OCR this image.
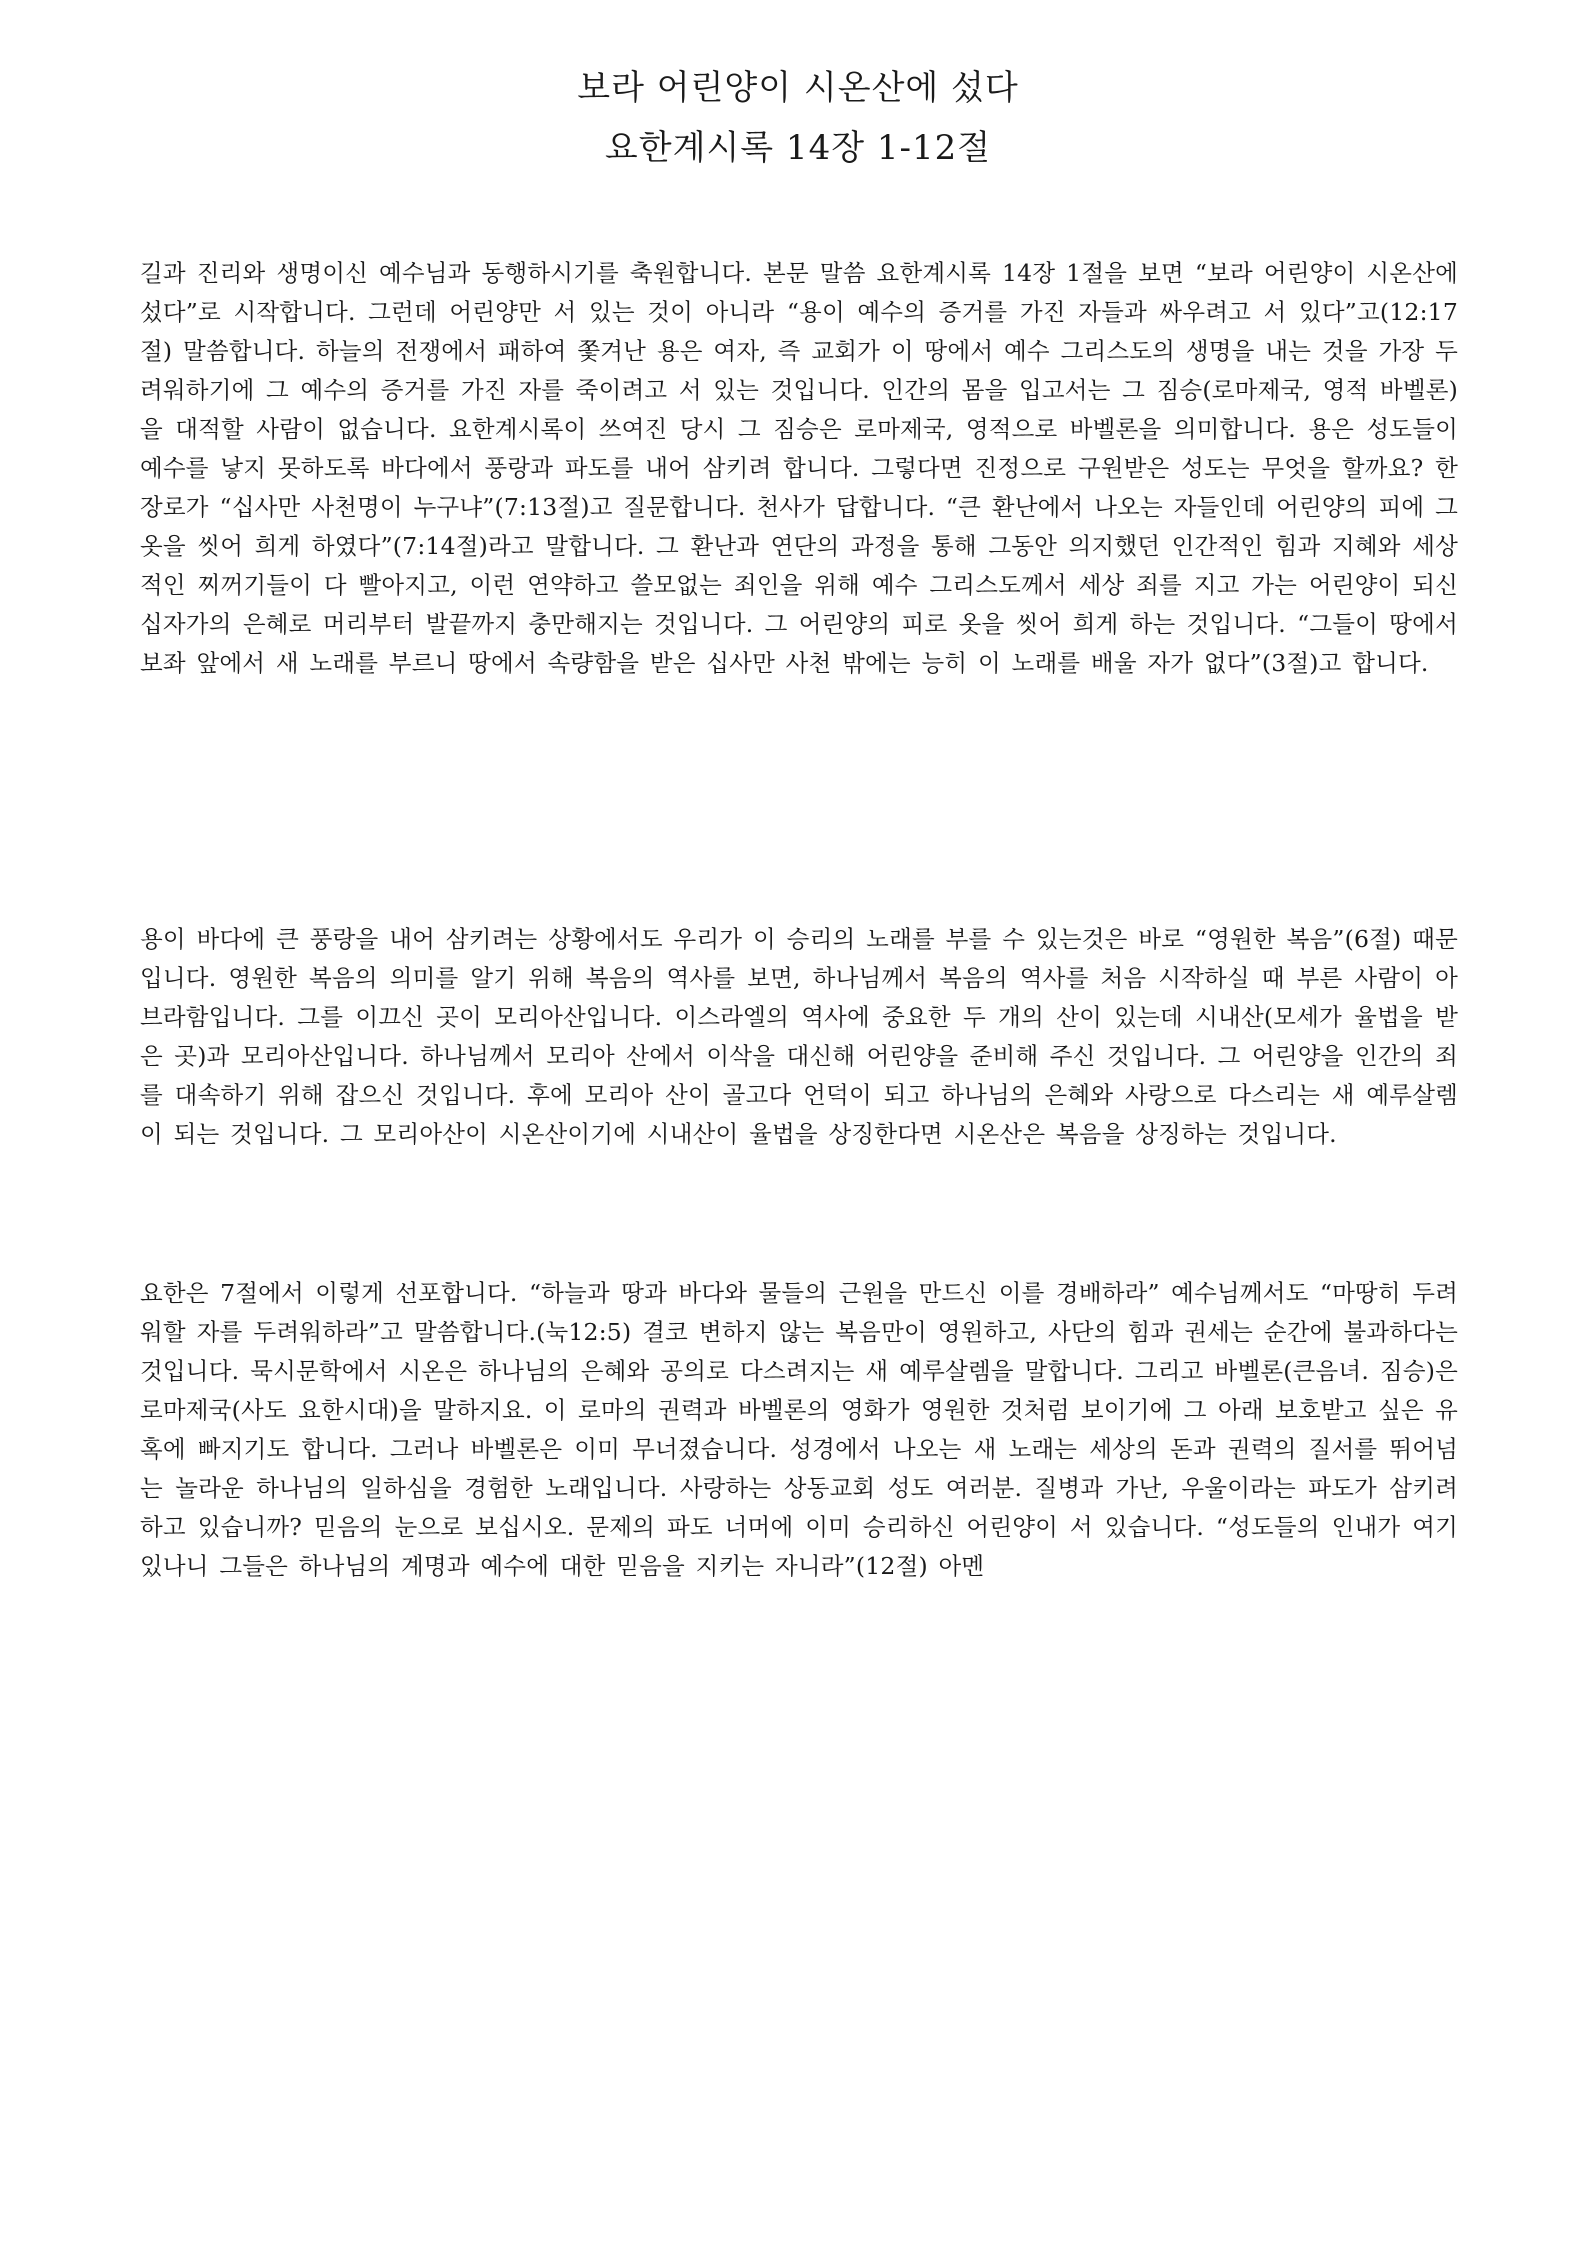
보라 어린양이 시온산에 섰다
요한계시록 14장 1-12절

길과 진리와 생명이신 예수님과 동행하시기를 축원합니다. 본문 말씀 요한계시록 14장 1절을 보면 “보라 어린양이 시온산에 섰다”로 시작합니다. 그런데 어린양만 서 있는 것이 아니라 “용이 예수의 증거를 가진 자들과 싸우려고 서 있다”고(12:17절) 말씀합니다. 하늘의 전쟁에서 패하여 쫓겨난 용은 여자, 즉 교회가 이 땅에서 예수 그리스도의 생명을 내는 것을 가장 두려워하기에 그 예수의 증거를 가진 자를 죽이려고 서 있는 것입니다. 인간의 몸을 입고서는 그 짐승(로마제국, 영적 바벨론)을 대적할 사람이 없습니다. 요한계시록이 쓰여진 당시 그 짐승은 로마제국, 영적으로 바벨론을 의미합니다. 용은 성도들이 예수를 낳지 못하도록 바다에서 풍랑과 파도를 내어 삼키려 합니다. 그렇다면 진정으로 구원받은 성도는 무엇을 할까요? 한 장로가 “십사만 사천명이 누구냐”(7:13절)고 질문합니다. 천사가 답합니다. “큰 환난에서 나오는 자들인데 어린양의 피에 그 옷을 씻어 희게 하였다”(7:14절)라고 말합니다. 그 환난과 연단의 과정을 통해 그동안 의지했던 인간적인 힘과 지혜와 세상적인 찌꺼기들이 다 빨아지고, 이런 연약하고 쓸모없는 죄인을 위해 예수 그리스도께서 세상 죄를 지고 가는 어린양이 되신 십자가의 은혜로 머리부터 발끝까지 충만해지는 것입니다. 그 어린양의 피로 옷을 씻어 희게 하는 것입니다. “그들이 땅에서 보좌 앞에서 새 노래를 부르니 땅에서 속량함을 받은 십사만 사천 밖에는 능히 이 노래를 배울 자가 없다”(3절)고 합니다.

용이 바다에 큰 풍랑을 내어 삼키려는 상황에서도 우리가 이 승리의 노래를 부를 수 있는것은 바로 “영원한 복음”(6절) 때문입니다. 영원한 복음의 의미를 알기 위해 복음의 역사를 보면, 하나님께서 복음의 역사를 처음 시작하실 때 부른 사람이 아브라함입니다. 그를 이끄신 곳이 모리아산입니다. 이스라엘의 역사에 중요한 두 개의 산이 있는데 시내산(모세가 율법을 받은 곳)과 모리아산입니다. 하나님께서 모리아 산에서 이삭을 대신해 어린양을 준비해 주신 것입니다. 그 어린양을 인간의 죄를 대속하기 위해 잡으신 것입니다. 후에 모리아 산이 골고다 언덕이 되고 하나님의 은혜와 사랑으로 다스리는 새 예루살렘이 되는 것입니다. 그 모리아산이 시온산이기에 시내산이 율법을 상징한다면 시온산은 복음을 상징하는 것입니다.

요한은 7절에서 이렇게 선포합니다. “하늘과 땅과 바다와 물들의 근원을 만드신 이를 경배하라” 예수님께서도 “마땅히 두려워할 자를 두려워하라”고 말씀합니다.(눅12:5) 결코 변하지 않는 복음만이 영원하고, 사단의 힘과 권세는 순간에 불과하다는 것입니다. 묵시문학에서 시온은 하나님의 은혜와 공의로 다스려지는 새 예루살렘을 말합니다. 그리고 바벨론(큰음녀. 짐승)은 로마제국(사도 요한시대)을 말하지요. 이 로마의 권력과 바벨론의 영화가 영원한 것처럼 보이기에 그 아래 보호받고 싶은 유혹에 빠지기도 합니다. 그러나 바벨론은 이미 무너졌습니다. 성경에서 나오는 새 노래는 세상의 돈과 권력의 질서를 뛰어넘는 놀라운 하나님의 일하심을 경험한 노래입니다. 사랑하는 상동교회 성도 여러분. 질병과 가난, 우울이라는 파도가 삼키려 하고 있습니까? 믿음의 눈으로 보십시오. 문제의 파도 너머에 이미 승리하신 어린양이 서 있습니다. “성도들의 인내가 여기 있나니 그들은 하나님의 계명과 예수에 대한 믿음을 지키는 자니라”(12절) 아멘
